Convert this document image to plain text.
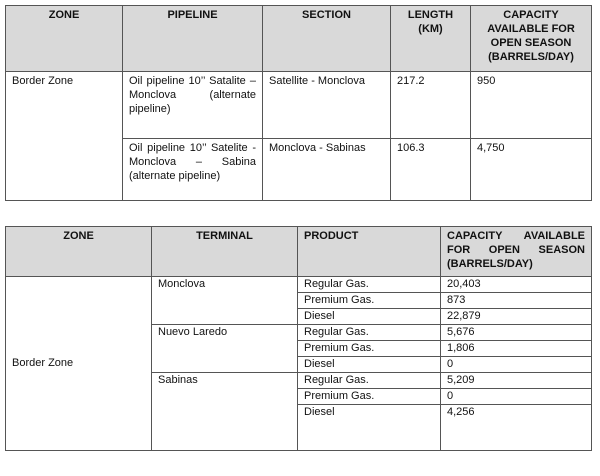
ZONE	PIPELINE	SECTION	LENGTH (KM)	CAPACITY AVAILABLE FOR OPEN SEASON (BARRELS/DAY)
Border Zone	Oil pipeline 10’’ Satalite – Monclova (alternate pipeline)	Satellite - Monclova	217.2	950
	Oil pipeline 10’’ Satelite -Monclova – Sabina (alternate pipeline)	Monclova - Sabinas	106.3	4,750
ZONE	TERMINAL	PRODUCT	CAPACITY AVAILABLE FOR OPEN SEASON (BARRELS/DAY)
Border Zone	Monclova	Regular Gas.	20,403
		Premium Gas.	873
		Diesel	22,879
	Nuevo Laredo	Regular Gas.	5,676
		Premium Gas.	1,806
		Diesel	0
	Sabinas	Regular Gas.	5,209
		Premium Gas.	0
		Diesel	4,256
